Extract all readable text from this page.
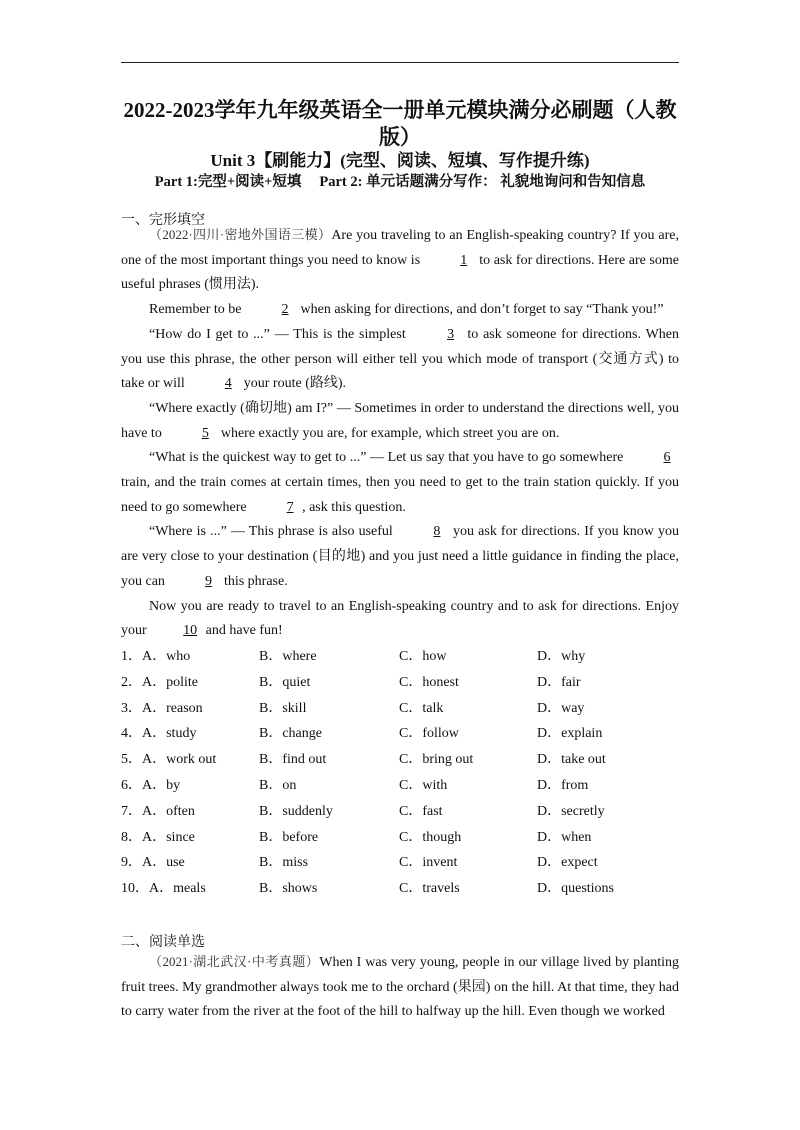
2022-2023学年九年级英语全一册单元模块满分必刷题（人教
版）
Unit 3【刷能力】(完型、阅读、短填、写作提升练)
Part 1:完型+阅读+短填 Part 2: 单元话题满分写作： 礼貌地询问和告知信息
一、完形填空

（2022·四川·密地外国语三模）Are you traveling to an English-speaking country? If you are, one of the most important things you need to know is	1 to ask for directions. Here are some useful phrases (惯用法).

Remember to be	2 when asking for directions, and don’t forget to say “Thank you!”

“How do I get to ...” — This is the simplest	3 to ask someone for directions. When you use this phrase, the other person will either tell you which mode of transport (交通方式) to take or will	4 your route (路线).

“Where exactly (确切地) am I?” — Sometimes in order to understand the directions well, you have to	5 where exactly you are, for example, which street you are on.

“What is the quickest way to get to ...” — Let us say that you have to go somewhere	6 train, and the train comes at certain times, then you need to get to the train station quickly. If you need to go somewhere	7 , ask this question.

“Where is ...” — This phrase is also useful	8 you ask for directions. If you know you are very close to your destination (目的地) and you just need a little guidance in finding the place, you can	9 this phrase.

Now you are ready to travel to an English-speaking country and to ask for directions. Enjoy your 10 and have fun!

1．A．who	B．where	C．how	D．why
2．A．polite	B．quiet	C．honest	D．fair
3．A．reason	B．skill	C．talk	D．way
4．A．study	B．change	C．follow	D．explain
5．A．work out	B．find out	C．bring out	D．take out
6．A．by	B．on	C．with	D．from
7．A．often	B．suddenly	C．fast	D．secretly
8．A．since	B．before	C．though	D．when
9．A．use	B．miss	C．invent	D．expect
10．A．meals	B．shows	C．travels	D．questions
二、阅读单选

（2021·湖北武汉·中考真题）When I was very young, people in our village lived by planting fruit trees. My grandmother always took me to the orchard (果园) on the hill. At that time, they had to carry water from the river at the foot of the hill to halfway up the hill. Even though we worked
